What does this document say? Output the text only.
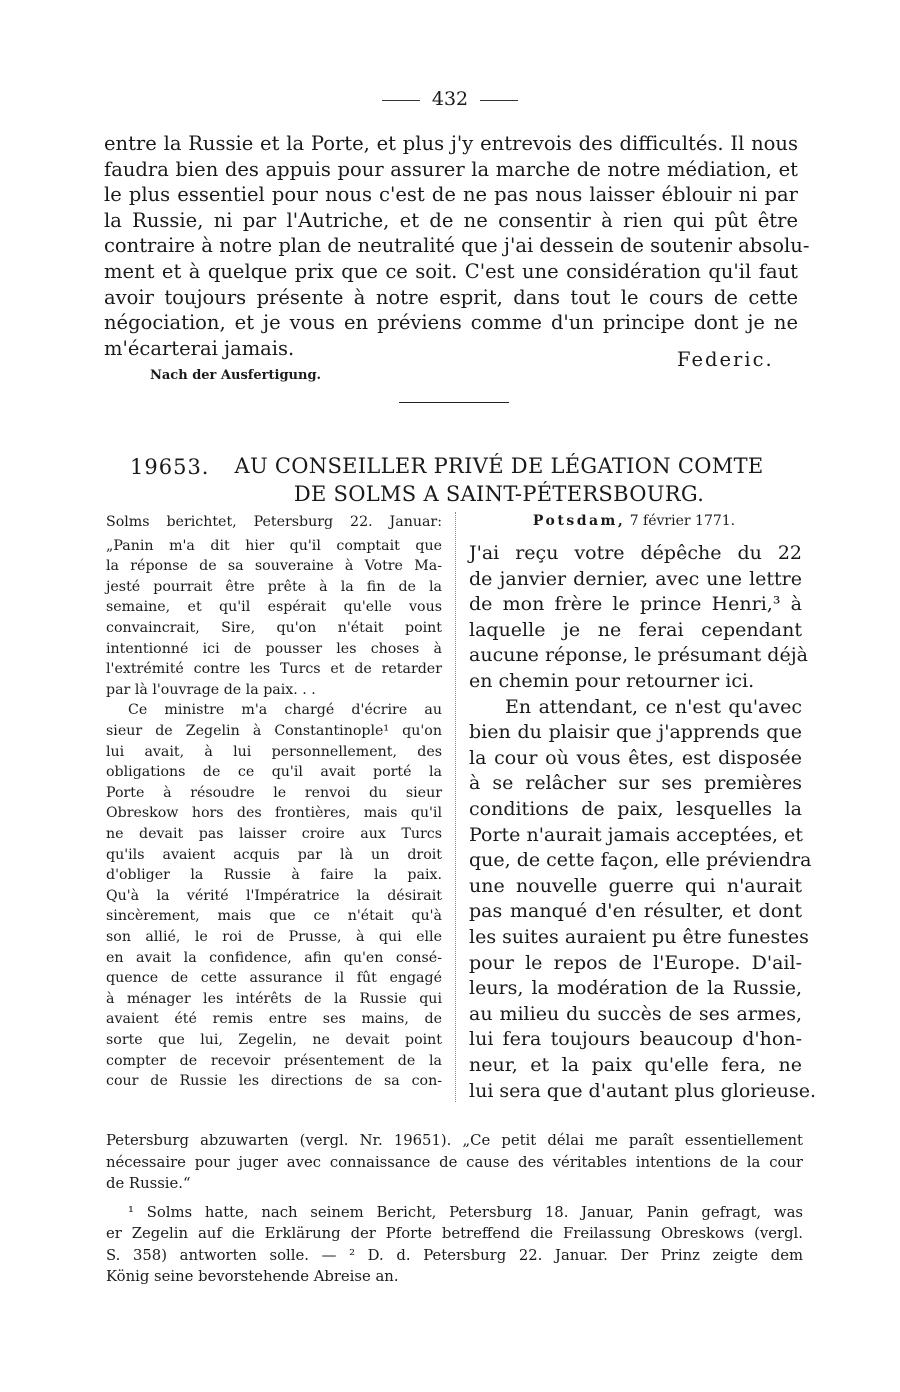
432
entre la Russie et la Porte, et plus j'y entrevois des difficultés. Il nous
faudra bien des appuis pour assurer la marche de notre médiation, et
le plus essentiel pour nous c'est de ne pas nous laisser éblouir ni par
la Russie, ni par l'Autriche, et de ne consentir à rien qui pût être
contraire à notre plan de neutralité que j'ai dessein de soutenir absolu-
ment et à quelque prix que ce soit. C'est une considération qu'il faut
avoir toujours présente à notre esprit, dans tout le cours de cette
négociation, et je vous en préviens comme d'un principe dont je ne
m'écarterai jamais.	Federic.
Nach der Ausfertigung.
19653.	AU CONSEILLER PRIVÉ DE LÉGATION COMTE
DE SOLMS A SAINT-PÉTERSBOURG.
Potsdam, 7 février 1771.
Solms berichtet, Petersburg 22. Januar:
„Panin m'a dit hier qu'il comptait que
la réponse de sa souveraine à Votre Ma-
jesté pourrait être prête à la fin de la
semaine, et qu'il espérait qu'elle vous
convaincrait, Sire, qu'on n'était point
intentionné ici de pousser les choses à
l'extrémité contre les Turcs et de retarder
par là l'ouvrage de la paix. . .
Ce ministre m'a chargé d'écrire au
sieur de Zegelin à Constantinople¹ qu'on
lui avait, à lui personnellement, des
obligations de ce qu'il avait porté la
Porte à résoudre le renvoi du sieur
Obreskow hors des frontières, mais qu'il
ne devait pas laisser croire aux Turcs
qu'ils avaient acquis par là un droit
d'obliger la Russie à faire la paix.
Qu'à la vérité l'Impératrice la désirait
sincèrement, mais que ce n'était qu'à
son allié, le roi de Prusse, à qui elle
en avait la confidence, afin qu'en consé-
quence de cette assurance il fût engagé
à ménager les intérêts de la Russie qui
avaient été remis entre ses mains, de
sorte que lui, Zegelin, ne devait point
compter de recevoir présentement de la
cour de Russie les directions de sa con-
J'ai reçu votre dépêche du 22
de janvier dernier, avec une lettre
de mon frère le prince Henri,³ à
laquelle je ne ferai cependant
aucune réponse, le présumant déjà
en chemin pour retourner ici.
En attendant, ce n'est qu'avec
bien du plaisir que j'apprends que
la cour où vous êtes, est disposée
à se relâcher sur ses premières
conditions de paix, lesquelles la
Porte n'aurait jamais acceptées, et
que, de cette façon, elle préviendra
une nouvelle guerre qui n'aurait
pas manqué d'en résulter, et dont
les suites auraient pu être funestes
pour le repos de l'Europe. D'ail-
leurs, la modération de la Russie,
au milieu du succès de ses armes,
lui fera toujours beaucoup d'hon-
neur, et la paix qu'elle fera, ne
lui sera que d'autant plus glorieuse.
Petersburg abzuwarten (vergl. Nr. 19651). „Ce petit délai me paraît essentiellement
nécessaire pour juger avec connaissance de cause des véritables intentions de la cour
de Russie.“
¹ Solms hatte, nach seinem Bericht, Petersburg 18. Januar, Panin gefragt, was
er Zegelin auf die Erklärung der Pforte betreffend die Freilassung Obreskows (vergl.
S. 358) antworten solle. — ² D. d. Petersburg 22. Januar. Der Prinz zeigte dem
König seine bevorstehende Abreise an.
